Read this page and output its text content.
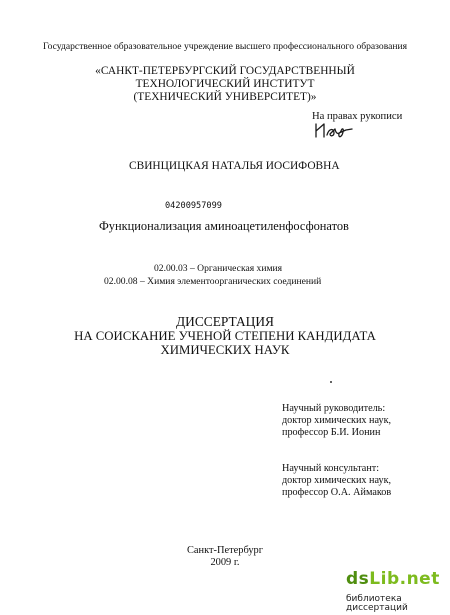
Государственное образовательное учреждение высшего профессионального образования
«САНКТ-ПЕТЕРБУРГСКИЙ ГОСУДАРСТВЕННЫЙ
ТЕХНОЛОГИЧЕСКИЙ ИНСТИТУТ
(ТЕХНИЧЕСКИЙ УНИВЕРСИТЕТ)»
На правах рукописи
СВИНЦИЦКАЯ НАТАЛЬЯ ИОСИФОВНА
04200957099
Функционализация аминоацетиленфосфонатов
02.00.03 – Органическая химия
02.00.08 – Химия элементоорганических соединений
ДИССЕРТАЦИЯ
НА СОИСКАНИЕ УЧЕНОЙ СТЕПЕНИ КАНДИДАТА
ХИМИЧЕСКИХ НАУК
Научный руководитель:
доктор химических наук,
профессор Б.И. Ионин
Научный консультант:
доктор химических наук,
профессор О.А. Аймаков
Санкт-Петербург
2009 г.
dsLib.net
библиотека диссертаций
